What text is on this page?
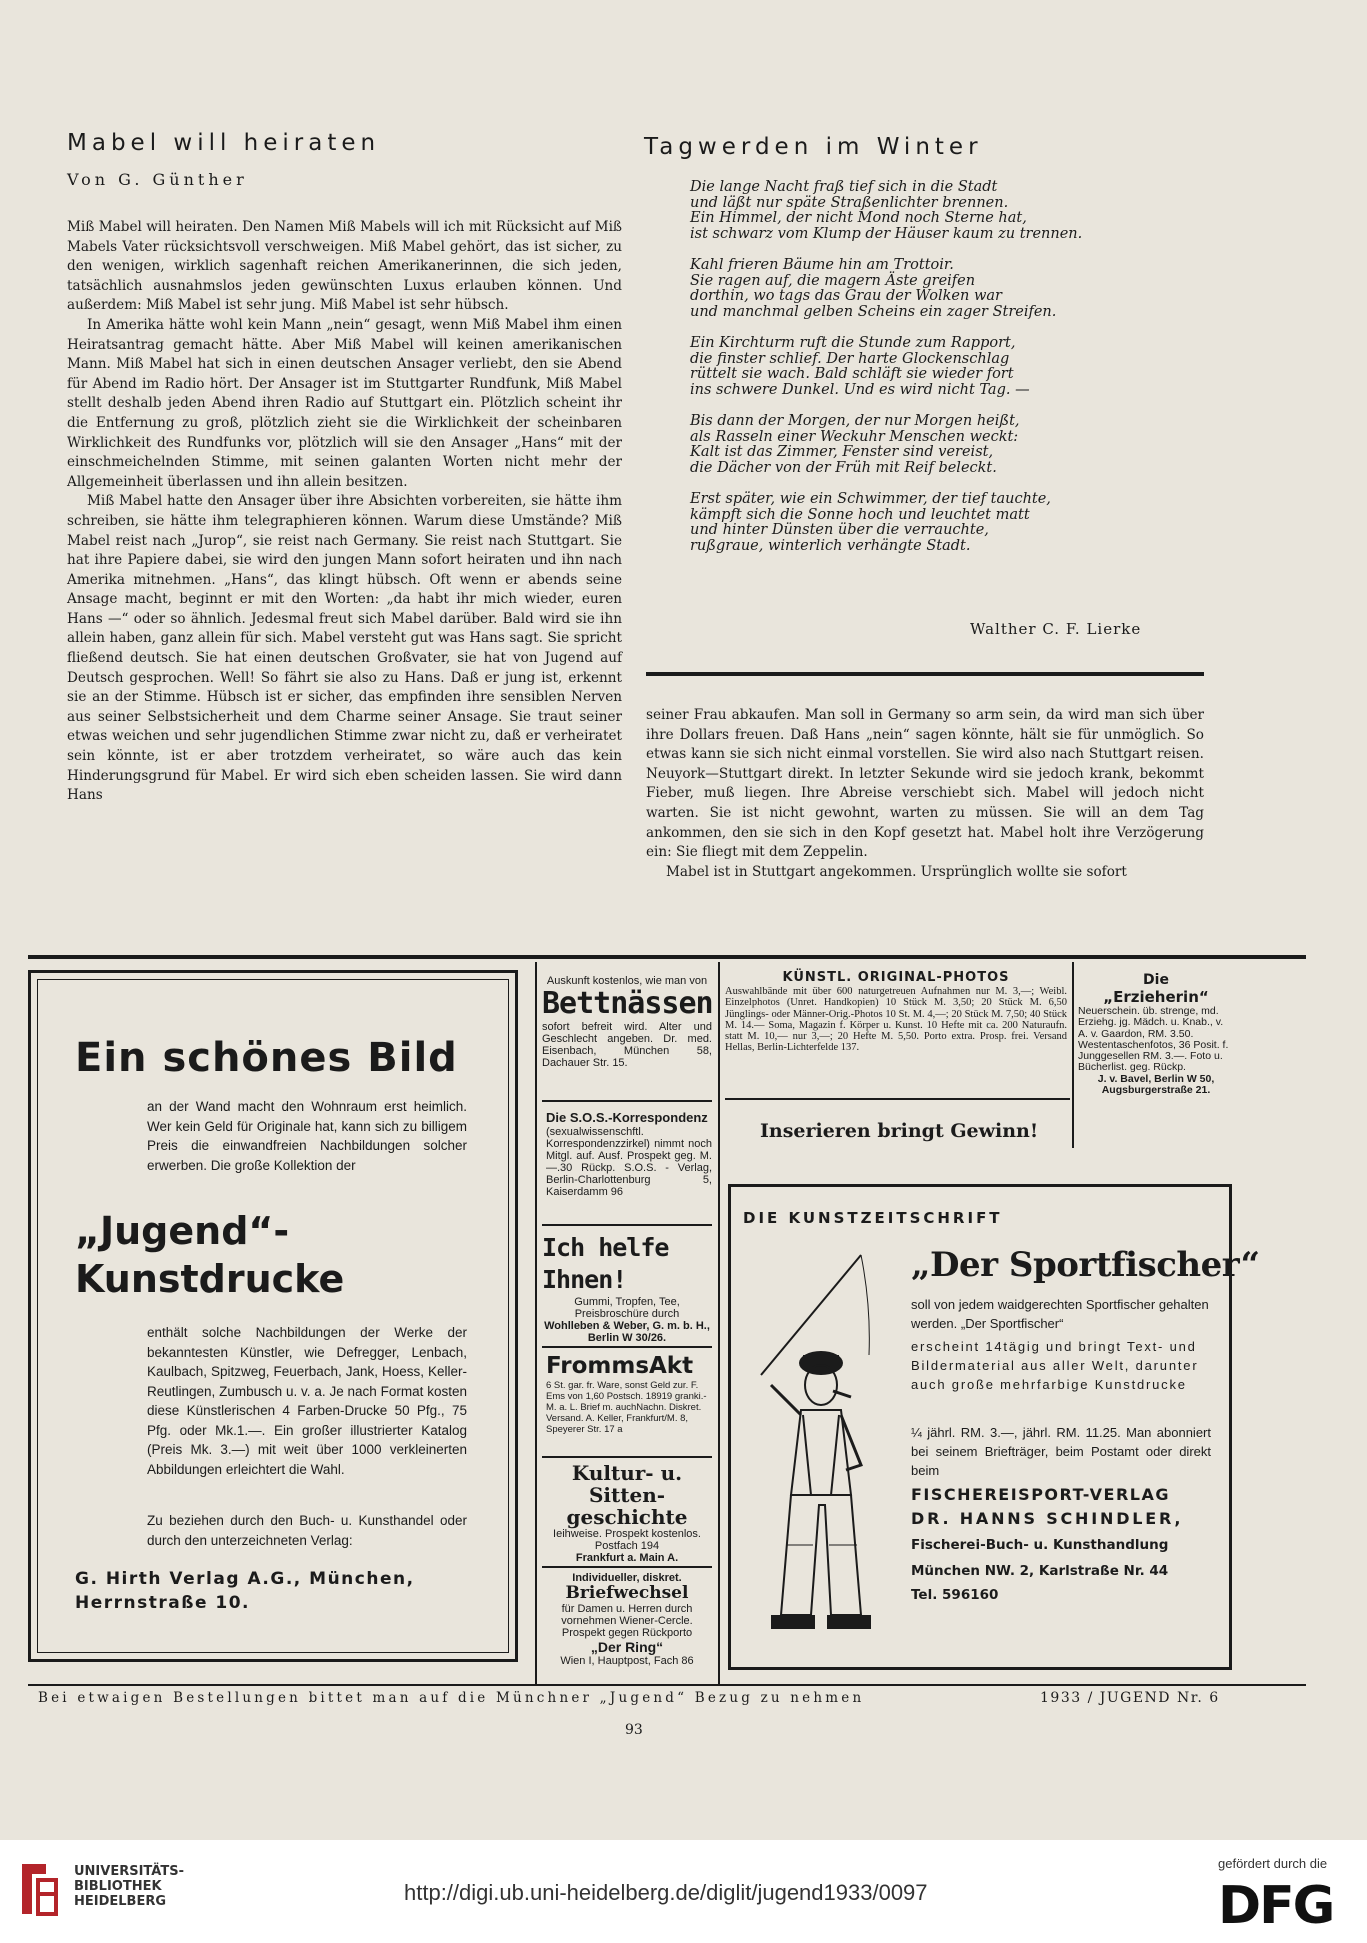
Mabel will heiraten
Von G. Günther

Miß Mabel will heiraten. Den Namen Miß Mabels will ich mit Rücksicht auf Miß Mabels Vater rücksichtsvoll verschweigen. Miß Mabel gehört, das ist sicher, zu den wenigen, wirklich sagenhaft reichen Amerikanerinnen, die sich jeden, tatsächlich ausnahmslos jeden gewünschten Luxus erlauben können. Und außerdem: Miß Mabel ist sehr jung. Miß Mabel ist sehr hübsch.

In Amerika hätte wohl kein Mann „nein“ gesagt, wenn Miß Mabel ihm einen Heiratsantrag gemacht hätte. Aber Miß Mabel will keinen amerikanischen Mann. Miß Mabel hat sich in einen deutschen Ansager verliebt, den sie Abend für Abend im Radio hört. Der Ansager ist im Stuttgarter Rundfunk, Miß Mabel stellt deshalb jeden Abend ihren Radio auf Stuttgart ein. Plötzlich scheint ihr die Entfernung zu groß, plötzlich zieht sie die Wirklichkeit der scheinbaren Wirklichkeit des Rundfunks vor, plötzlich will sie den Ansager „Hans“ mit der einschmeichelnden Stimme, mit seinen galanten Worten nicht mehr der Allgemeinheit überlassen und ihn allein besitzen.

Miß Mabel hatte den Ansager über ihre Absichten vorbereiten, sie hätte ihm schreiben, sie hätte ihm telegraphieren können. Warum diese Umstände? Miß Mabel reist nach „Jurop“, sie reist nach Germany. Sie reist nach Stuttgart. Sie hat ihre Papiere dabei, sie wird den jungen Mann sofort heiraten und ihn nach Amerika mitnehmen. „Hans“, das klingt hübsch. Oft wenn er abends seine Ansage macht, beginnt er mit den Worten: „da habt ihr mich wieder, euren Hans —“ oder so ähnlich. Jedesmal freut sich Mabel darüber. Bald wird sie ihn allein haben, ganz allein für sich. Mabel versteht gut was Hans sagt. Sie spricht fließend deutsch. Sie hat einen deutschen Großvater, sie hat von Jugend auf Deutsch gesprochen. Well! So fährt sie also zu Hans. Daß er jung ist, erkennt sie an der Stimme. Hübsch ist er sicher, das empfinden ihre sensiblen Nerven aus seiner Selbstsicherheit und dem Charme seiner Ansage. Sie traut seiner etwas weichen und sehr jugendlichen Stimme zwar nicht zu, daß er verheiratet sein könnte, ist er aber trotzdem verheiratet, so wäre auch das kein Hinderungsgrund für Mabel. Er wird sich eben scheiden lassen. Sie wird dann Hans

Tagwerden im Winter
Die lange Nacht fraß tief sich in die Stadt
und läßt nur späte Straßenlichter brennen.
Ein Himmel, der nicht Mond noch Sterne hat,
ist schwarz vom Klump der Häuser kaum zu trennen.
Kahl frieren Bäume hin am Trottoir.
Sie ragen auf, die magern Äste greifen
dorthin, wo tags das Grau der Wolken war
und manchmal gelben Scheins ein zager Streifen.
Ein Kirchturm ruft die Stunde zum Rapport,
die finster schlief. Der harte Glockenschlag
rüttelt sie wach. Bald schläft sie wieder fort
ins schwere Dunkel. Und es wird nicht Tag. —
Bis dann der Morgen, der nur Morgen heißt,
als Rasseln einer Weckuhr Menschen weckt:
Kalt ist das Zimmer, Fenster sind vereist,
die Dächer von der Früh mit Reif beleckt.
Erst später, wie ein Schwimmer, der tief tauchte,
kämpft sich die Sonne hoch und leuchtet matt
und hinter Dünsten über die verrauchte,
rußgraue, winterlich verhängte Stadt.
Walther C. F. Lierke

seiner Frau abkaufen. Man soll in Germany so arm sein, da wird man sich über ihre Dollars freuen. Daß Hans „nein“ sagen könnte, hält sie für unmöglich. So etwas kann sie sich nicht einmal vorstellen. Sie wird also nach Stuttgart reisen. Neuyork—Stuttgart direkt. In letzter Sekunde wird sie jedoch krank, bekommt Fieber, muß liegen. Ihre Abreise verschiebt sich. Mabel will jedoch nicht warten. Sie ist nicht gewohnt, warten zu müssen. Sie will an dem Tag ankommen, den sie sich in den Kopf gesetzt hat. Mabel holt ihre Verzögerung ein: Sie fliegt mit dem Zeppelin.

Mabel ist in Stuttgart angekommen. Ursprünglich wollte sie sofort

Ein schönes Bild
an der Wand macht den Wohnraum erst heimlich. Wer kein Geld für Originale hat, kann sich zu billigem Preis die einwandfreien Nachbildungen solcher erwerben. Die große Kollektion der
„Jugend“-
Kunstdrucke
enthält solche Nachbildungen der Werke der bekanntesten Künstler, wie Defregger, Lenbach, Kaulbach, Spitzweg, Feuerbach, Jank, Hoess, Keller-Reutlingen, Zumbusch u. v. a. Je nach Format kosten diese Künstlerischen 4 Farben-Drucke 50 Pfg., 75 Pfg. oder Mk.1.—. Ein großer illustrierter Katalog (Preis Mk. 3.—) mit weit über 1000 verkleinerten Abbildungen erleichtert die Wahl.
Zu beziehen durch den Buch- u. Kunsthandel oder durch den unterzeichneten Verlag:
G. Hirth Verlag A.G., München,
Herrnstraße 10.
Auskunft kostenlos, wie man von
Bettnässen
sofort befreit wird. Alter und Geschlecht angeben. Dr. med. Eisenbach, München 58, Dachauer Str. 15.
Die S.O.S.-Korrespondenz
(sexualwissenschftl. Korrespondenzzirkel) nimmt noch Mitgl. auf. Ausf. Prospekt geg. M. —.30 Rückp. S.O.S. - Verlag, Berlin-Charlottenburg 5, Kaiserdamm 96
Ich helfe Ihnen!
Gummi, Tropfen, Tee, Preisbroschüre durch
Wohlleben & Weber, G. m. b. H., Berlin W 30/26.
FrommsAkt
6 St. gar. fr. Ware, sonst Geld zur. F. Ems von 1,60 Postsch. 18919 granki.-M. a. L. Brief m. auchNachn. Diskret. Versand. A. Keller, Frankfurt/M. 8, Speyerer Str. 17 a
Kultur- u. Sitten-
geschichte
Ieihweise. Prospekt kostenlos. Postfach 194
Frankfurt a. Main A.
Individueller, diskret.
Briefwechsel
für Damen u. Herren durch vornehmen Wiener-Cercle. Prospekt gegen Rückporto
„Der Ring“
Wien I, Hauptpost, Fach 86
KÜNSTL. ORIGINAL-PHOTOS
Auswahlbände mit über 600 naturgetreuen Aufnahmen nur M. 3,—; Weibl. Einzelphotos (Unret. Handkopien) 10 Stück M. 3,50; 20 Stück M. 6,50 Jünglings- oder Männer-Orig.-Photos 10 St. M. 4,—; 20 Stück M. 7,50; 40 Stück M. 14.— Soma, Magazin f. Körper u. Kunst. 10 Hefte mit ca. 200 Naturaufn. statt M. 10,— nur 3,—; 20 Hefte M. 5,50. Porto extra. Prosp. frei. Versand Hellas, Berlin-Lichterfelde 137.
Die
„Erzieherin“
Neuerschein. üb. strenge, md. Erziehg. jg. Mädch. u. Knab., v. A. v. Gaardon, RM. 3.50. Westentaschenfotos, 36 Posit. f. Junggesellen RM. 3.—. Foto u. Bücherlist. geg. Rückp.
J. v. Bavel, Berlin W 50, Augsburgerstraße 21.
Inserieren bringt Gewinn!
DIE KUNSTZEITSCHRIFT
„Der Sportfischer“
soll von jedem waidgerechten Sportfischer gehalten werden. „Der Sportfischer“
erscheint 14tägig und bringt Text- und Bildermaterial aus aller Welt, darunter auch große mehrfarbige Kunstdrucke
¼ jährl. RM. 3.—, jährl. RM. 11.25. Man abonniert bei seinem Briefträger, beim Postamt oder direkt beim
FISCHEREISPORT-VERLAG
DR. HANNS SCHINDLER,
Fischerei-Buch- u. Kunsthandlung
München NW. 2, Karlstraße Nr. 44
Tel. 596160
Bei etwaigen Bestellungen bittet man auf die Münchner „Jugend“ Bezug zu nehmen	1933 / JUGEND Nr. 6
93
UNIVERSITÄTS-
BIBLIOTHEK
HEIDELBERG	http://digi.ub.uni-heidelberg.de/diglit/jugend1933/0097
gefördert durch die
DFG
